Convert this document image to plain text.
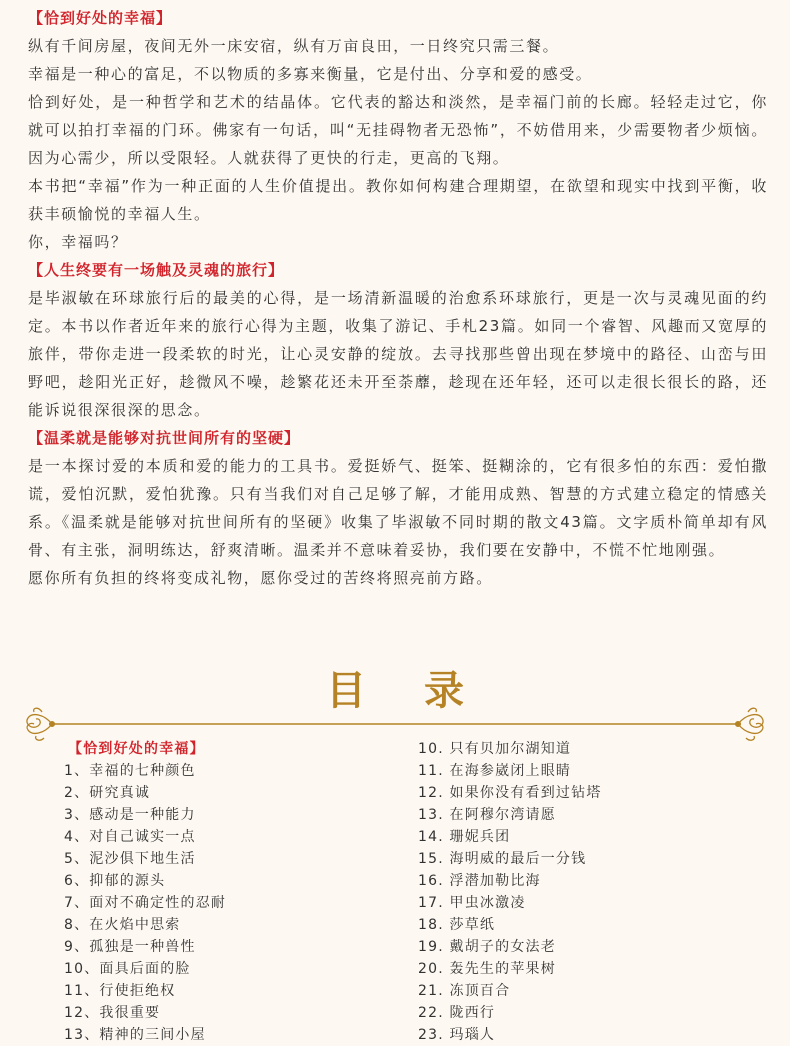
【恰到好处的幸福】

纵有千间房屋，夜间无外一床安宿，纵有万亩良田，一日终究只需三餐。

幸福是一种心的富足，不以物质的多寡来衡量，它是付出、分享和爱的感受。

恰到好处，是一种哲学和艺术的结晶体。它代表的豁达和淡然，是幸福门前的长廊。轻轻走过它，你就可以拍打幸福的门环。佛家有一句话，叫“无挂碍物者无恐怖”，不妨借用来，少需要物者少烦恼。因为心需少，所以受限轻。人就获得了更快的行走，更高的飞翔。

本书把“幸福”作为一种正面的人生价值提出。教你如何构建合理期望，在欲望和现实中找到平衡，收获丰硕愉悦的幸福人生。

你，幸福吗？

【人生终要有一场触及灵魂的旅行】

是毕淑敏在环球旅行后的最美的心得，是一场清新温暖的治愈系环球旅行，更是一次与灵魂见面的约定。本书以作者近年来的旅行心得为主题，收集了游记、手札23篇。如同一个睿智、风趣而又宽厚的旅伴，带你走进一段柔软的时光，让心灵安静的绽放。去寻找那些曾出现在梦境中的路径、山峦与田野吧，趁阳光正好，趁微风不噪，趁繁花还未开至荼蘼，趁现在还年轻，还可以走很长很长的路，还能诉说很深很深的思念。

【温柔就是能够对抗世间所有的坚硬】

是一本探讨爱的本质和爱的能力的工具书。爱挺娇气、挺笨、挺糊涂的，它有很多怕的东西：爱怕撒谎，爱怕沉默，爱怕犹豫。只有当我们对自己足够了解，才能用成熟、智慧的方式建立稳定的情感关系。《温柔就是能够对抗世间所有的坚硬》收集了毕淑敏不同时期的散文43篇。文字质朴简单却有风骨、有主张，洞明练达，舒爽清晰。温柔并不意味着妥协，我们要在安静中，不慌不忙地刚强。

愿你所有负担的终将变成礼物，愿你受过的苦终将照亮前方路。

目 录
【恰到好处的幸福】
1、幸福的七种颜色
2、研究真诚
3、感动是一种能力
4、对自己诚实一点
5、泥沙俱下地生活
6、抑郁的源头
7、面对不确定性的忍耐
8、在火焰中思索
9、孤独是一种兽性
10、面具后面的脸
11、行使拒绝权
12、我很重要
13、精神的三间小屋
10. 只有贝加尔湖知道
11. 在海参崴闭上眼睛
12. 如果你没有看到过钻塔
13. 在阿穆尔湾请愿
14. 珊妮兵团
15. 海明威的最后一分钱
16. 浮潜加勒比海
17. 甲虫冰激凌
18. 莎草纸
19. 戴胡子的女法老
20. 轰先生的苹果树
21. 冻顶百合
22. 陇西行
23. 玛瑙人
